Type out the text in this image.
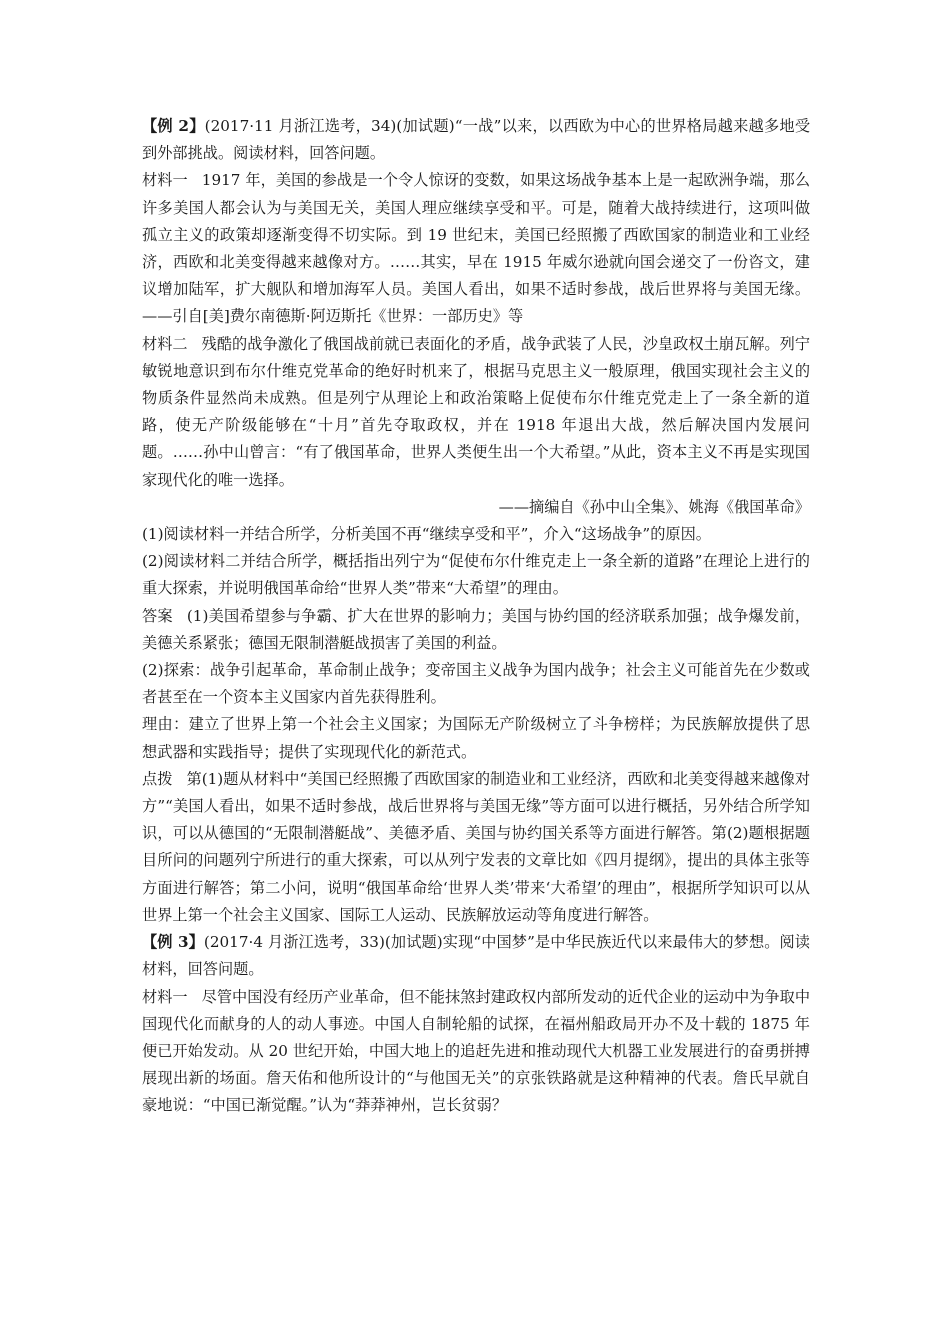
【例 2】(2017·11 月浙江选考，34)(加试题)“一战”以来，以西欧为中心的世界格局越来越多地受到外部挑战。阅读材料，回答问题。

材料一 1917 年，美国的参战是一个令人惊讶的变数，如果这场战争基本上是一起欧洲争端，那么许多美国人都会认为与美国无关，美国人理应继续享受和平。可是，随着大战持续进行，这项叫做孤立主义的政策却逐渐变得不切实际。到 19 世纪末，美国已经照搬了西欧国家的制造业和工业经济，西欧和北美变得越来越像对方。……其实，早在 1915 年威尔逊就向国会递交了一份咨文，建议增加陆军，扩大舰队和增加海军人员。美国人看出，如果不适时参战，战后世界将与美国无缘。——引自[美]费尔南德斯·阿迈斯托《世界：一部历史》等

材料二 残酷的战争激化了俄国战前就已表面化的矛盾，战争武装了人民，沙皇政权土崩瓦解。列宁敏锐地意识到布尔什维克党革命的绝好时机来了，根据马克思主义一般原理，俄国实现社会主义的物质条件显然尚未成熟。但是列宁从理论上和政治策略上促使布尔什维克党走上了一条全新的道路，使无产阶级能够在“十月”首先夺取政权，并在 1918 年退出大战，然后解决国内发展问题。……孙中山曾言：“有了俄国革命，世界人类便生出一个大希望。”从此，资本主义不再是实现国家现代化的唯一选择。

——摘编自《孙中山全集》、姚海《俄国革命》

(1)阅读材料一并结合所学，分析美国不再“继续享受和平”，介入“这场战争”的原因。

(2)阅读材料二并结合所学，概括指出列宁为“促使布尔什维克走上一条全新的道路”在理论上进行的重大探索，并说明俄国革命给“世界人类”带来“大希望”的理由。

答案 (1)美国希望参与争霸、扩大在世界的影响力；美国与协约国的经济联系加强；战争爆发前，美德关系紧张；德国无限制潜艇战损害了美国的利益。

(2)探索：战争引起革命，革命制止战争；变帝国主义战争为国内战争；社会主义可能首先在少数或者甚至在一个资本主义国家内首先获得胜利。

理由：建立了世界上第一个社会主义国家；为国际无产阶级树立了斗争榜样；为民族解放提供了思想武器和实践指导；提供了实现现代化的新范式。

点拨 第(1)题从材料中“美国已经照搬了西欧国家的制造业和工业经济，西欧和北美变得越来越像对方”“美国人看出，如果不适时参战，战后世界将与美国无缘”等方面可以进行概括，另外结合所学知识，可以从德国的“无限制潜艇战”、美德矛盾、美国与协约国关系等方面进行解答。第(2)题根据题目所问的问题列宁所进行的重大探索，可以从列宁发表的文章比如《四月提纲》，提出的具体主张等方面进行解答；第二小问，说明“俄国革命给‘世界人类’带来‘大希望’的理由”，根据所学知识可以从世界上第一个社会主义国家、国际工人运动、民族解放运动等角度进行解答。

【例 3】(2017·4 月浙江选考，33)(加试题)实现“中国梦”是中华民族近代以来最伟大的梦想。阅读材料，回答问题。

材料一 尽管中国没有经历产业革命，但不能抹煞封建政权内部所发动的近代企业的运动中为争取中国现代化而献身的人的动人事迹。中国人自制轮船的试探，在福州船政局开办不及十载的 1875 年便已开始发动。从 20 世纪开始，中国大地上的追赶先进和推动现代大机器工业发展进行的奋勇拼搏展现出新的场面。詹天佑和他所设计的“与他国无关”的京张铁路就是这种精神的代表。詹氏早就自豪地说：“中国已渐觉醒。”认为“莽莽神州，岂长贫弱？
